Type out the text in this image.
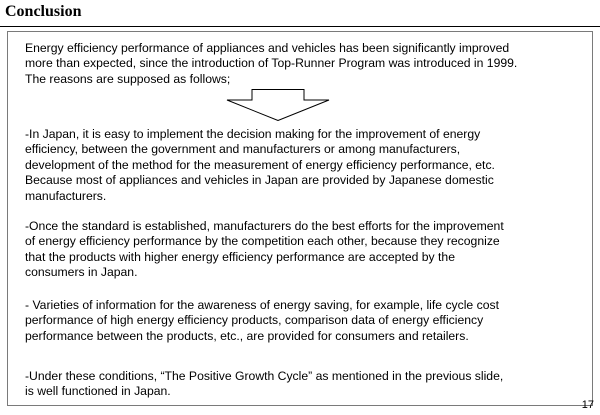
Conclusion
Energy efficiency performance of appliances and vehicles has been significantly improved
more than expected, since the introduction of Top-Runner Program was introduced in 1999.
The reasons are supposed as follows;
-In Japan, it is easy to implement the decision making for the improvement of energy
efficiency, between the government and manufacturers or among manufacturers,
development of the method for the measurement of energy efficiency performance, etc.
Because most of appliances and vehicles in Japan are provided by Japanese domestic
manufacturers.
-Once the standard is established, manufacturers do the best efforts for the improvement
of energy efficiency performance by the competition each other, because they recognize
that the products with higher energy efficiency performance are accepted by the
consumers in Japan.
- Varieties of information for the awareness of energy saving, for example, life cycle cost
performance of high energy efficiency products, comparison data of energy efficiency
performance between the products, etc., are provided for consumers and retailers.
-Under these conditions, “The Positive Growth Cycle” as mentioned in the previous slide,
is well functioned in Japan.
17
